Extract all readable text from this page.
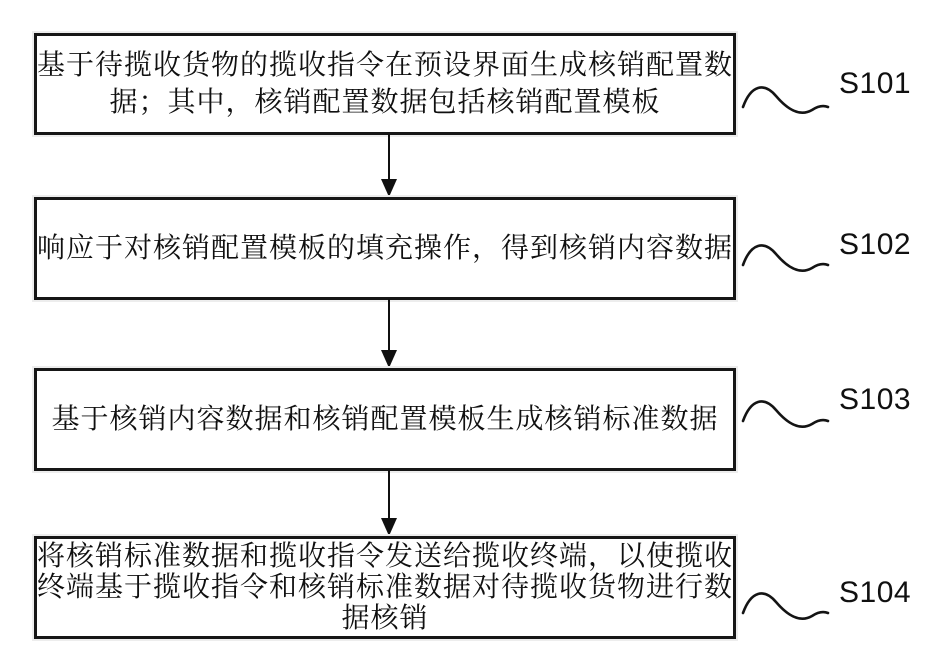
基于待揽收货物的揽收指令在预设界面生成核销配置数
据；其中，核销配置数据包括核销配置模板
S101
响应于对核销配置模板的填充操作，得到核销内容数据	S102
基于核销内容数据和核销配置模板生成核销标准数据
S103
将核销标准数据和揽收指令发送给揽收终端，以使揽收
终端基于揽收指令和核销标准数据对待揽收货物进行数
据核销
S104
